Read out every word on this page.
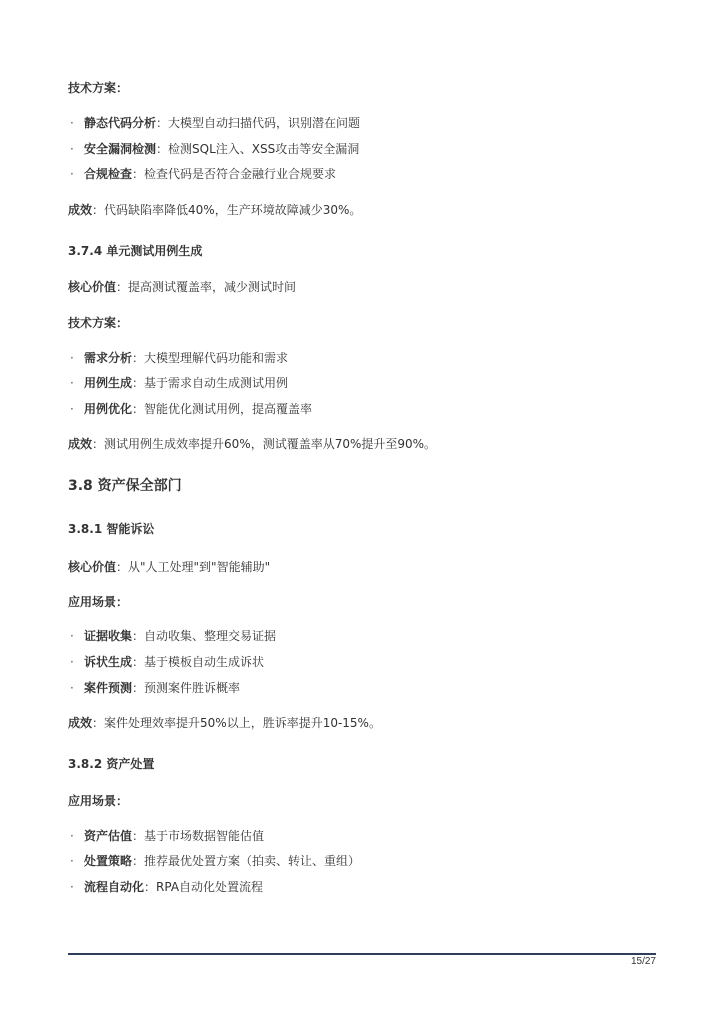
技术方案：
· 静态代码分析：大模型自动扫描代码，识别潜在问题
· 安全漏洞检测：检测SQL注入、XSS攻击等安全漏洞
· 合规检查：检查代码是否符合金融行业合规要求
成效：代码缺陷率降低40%，生产环境故障减少30%。
3.7.4 单元测试用例生成
核心价值：提高测试覆盖率，减少测试时间
技术方案：
· 需求分析：大模型理解代码功能和需求
· 用例生成：基于需求自动生成测试用例
· 用例优化：智能优化测试用例，提高覆盖率
成效：测试用例生成效率提升60%，测试覆盖率从70%提升至90%。
3.8 资产保全部门
3.8.1 智能诉讼
核心价值：从"人工处理"到"智能辅助"
应用场景：
· 证据收集：自动收集、整理交易证据
· 诉状生成：基于模板自动生成诉状
· 案件预测：预测案件胜诉概率
成效：案件处理效率提升50%以上，胜诉率提升10-15%。
3.8.2 资产处置
应用场景：
· 资产估值：基于市场数据智能估值
· 处置策略：推荐最优处置方案（拍卖、转让、重组）
· 流程自动化：RPA自动化处置流程
15/27
